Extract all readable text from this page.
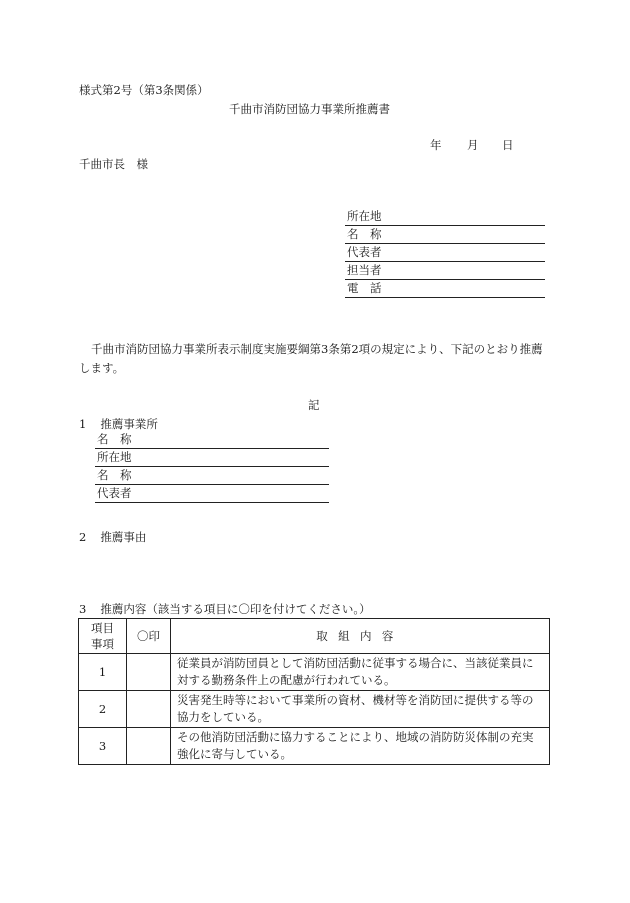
様式第2号（第3条関係）
千曲市消防団協力事業所推薦書
年 月 日
千曲市長　様
所在地
名　称
代表者
担当者
電　話
千曲市消防団協力事業所表示制度実施要綱第3条第2項の規定により、下記のとおり推薦
します。
記
1 推薦事業所
名　称
所在地
名　称
代表者
2 推薦事由
3 推薦内容（該当する項目に〇印を付けてください。）
項目
事項	〇印	取組内容
1		従業員が消防団員として消防団活動に従事する場合に、当該従業員に
対する勤務条件上の配慮が行われている。

2		災害発生時等において事業所の資材、機材等を消防団に提供する等の
協力をしている。

3		その他消防団活動に協力することにより、地域の消防防災体制の充実
強化に寄与している。
